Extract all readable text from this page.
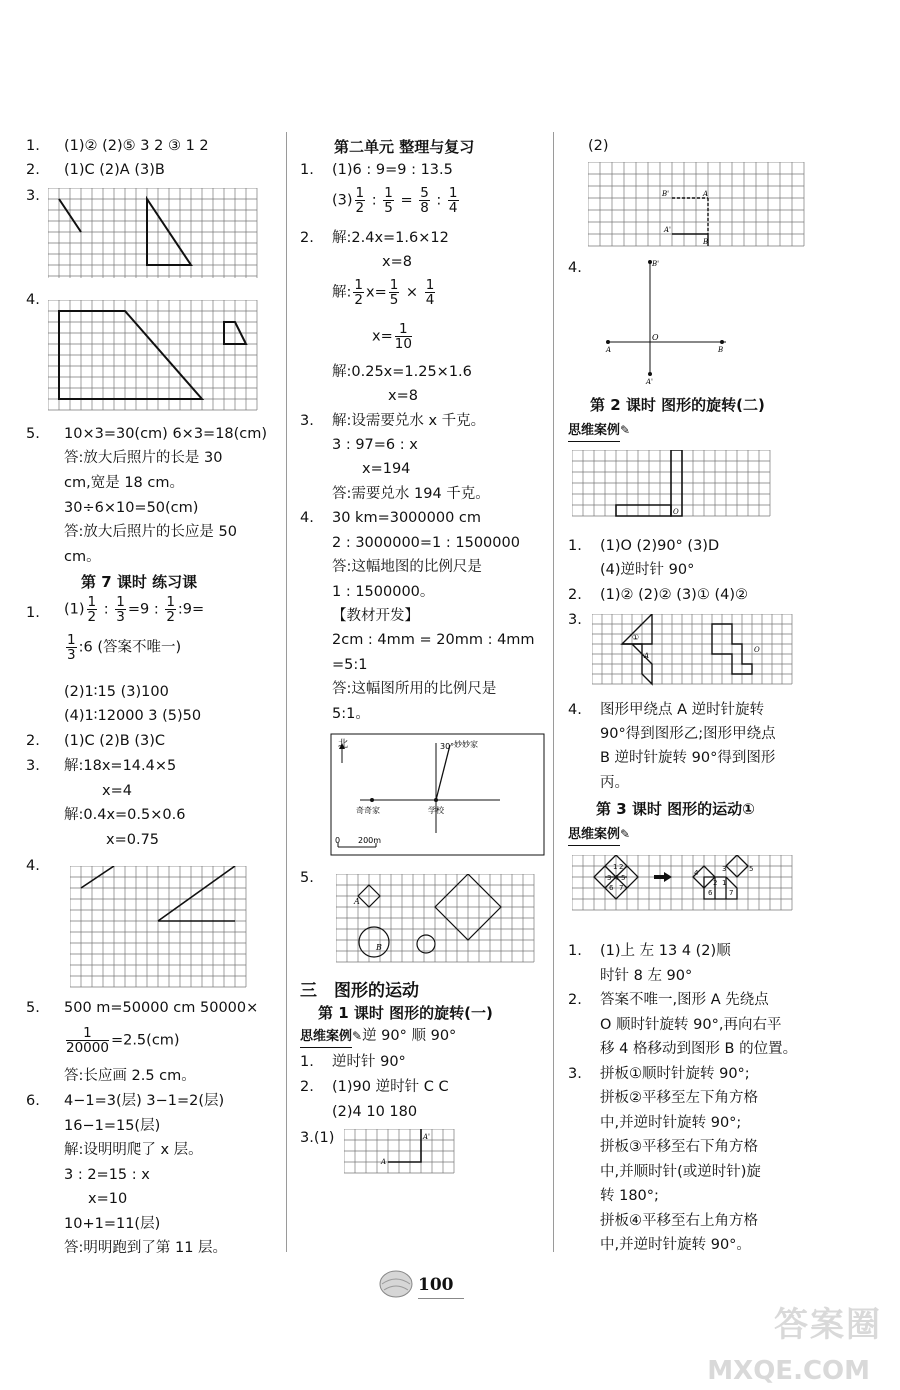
1. (1)② (2)⑤ 3 2 ③ 1 2
2. (1)C (2)A (3)B
3.
4.
5. 10×3=30(cm) 6×3=18(cm)
答:放大后照片的长是 30
cm,宽是 18 cm。
30÷6×10=50(cm)
答:放大后照片的长应是 50
cm。
第 7 课时 练习课
1. $(1) \frac{1}{2}$ : $\frac{1}{3} =9$ : $\frac{1}{2}$ :9=
$\frac{1}{3}$ :6 (答案不唯一)
(2)1∶15 (3)100
(4)1∶12000 3 (5)50
2. (1)C (2)B (3)C
3. 解:18x=14.4×5
x=4
解:0.4x=0.5×0.6
x=0.75
4.
5. 500 m=50000 cm 50000×
$\frac{1}{20000} =2.5(cm)$
答:长应画 2.5 cm。
6. 4−1=3(层) 3−1=2(层)
16−1=15(层)
解:设明明爬了 x 层。
3 : 2=15 : x
x=10
10+1=11(层)
答:明明跑到了第 11 层。
第二单元 整理与复习
1. (1)6 : 9=9 : 13.5
$(3) \frac{1}{2}$ : $\frac{1}{5} = \frac{5}{8}$ : $\frac{1}{4}$
2. 解:2.4x=1.6×12
x=8
解: $\frac{1}{2} x= \frac{1}{5} \times \frac{1}{4}$
$x= \frac{1}{10}$
解:0.25x=1.25×1.6
x=8
3. 解:设需要兑水 x 千克。
3 : 97=6 : x
x=194
答:需要兑水 194 千克。
4. 30 km=3000000 cm
2 : 3000000=1 : 1500000
答:这幅地图的比例尺是
1 : 1500000。
【教材开发】
2cm : 4mm = 20mm : 4mm
=5:1
答:这幅图所用的比例尺是
5:1。
北	30° 妙妙家
奇奇家	学校
0 200m
5.
A
B
三 图形的运动
第 1 课时 图形的旋转(一)
思维案例✎逆 90° 顺 90°
1. 逆时针 90°
2. (1)90 逆时针 C C
(2)4 10 180
3.(1)
A
A'
(2)
B'	A
A'
B
4.	B'
A
O
B
A'
第 2 课时 图形的旋转(二)
思维案例✎
O
1. (1)O (2)90° (3)D
(4)逆时针 90°
2. (1)② (2)② (3)① (4)②
3.
①
A
O
4. 图形甲绕点 A 逆时针旋转
90°得到图形乙;图形甲绕点
B 逆时针旋转 90°得到图形
丙。
第 3 课时 图形的运动①
思维案例✎
1 2
3 4 5
6 7
4	3	5
2 1
6 7
1. (1)上 左 13 4 (2)顺
时针 8 左 90°
2. 答案不唯一,图形 A 先绕点
O 顺时针旋转 90°,再向右平
移 4 格移动到图形 B 的位置。
3. 拼板①顺时针旋转 90°;
拼板②平移至左下角方格
中,并逆时针旋转 90°;
拼板③平移至右下角方格
中,并顺时针(或逆时针)旋
转 180°;
拼板④平移至右上角方格
中,并逆时针旋转 90°。
100
答案圈
MXQE.COM
